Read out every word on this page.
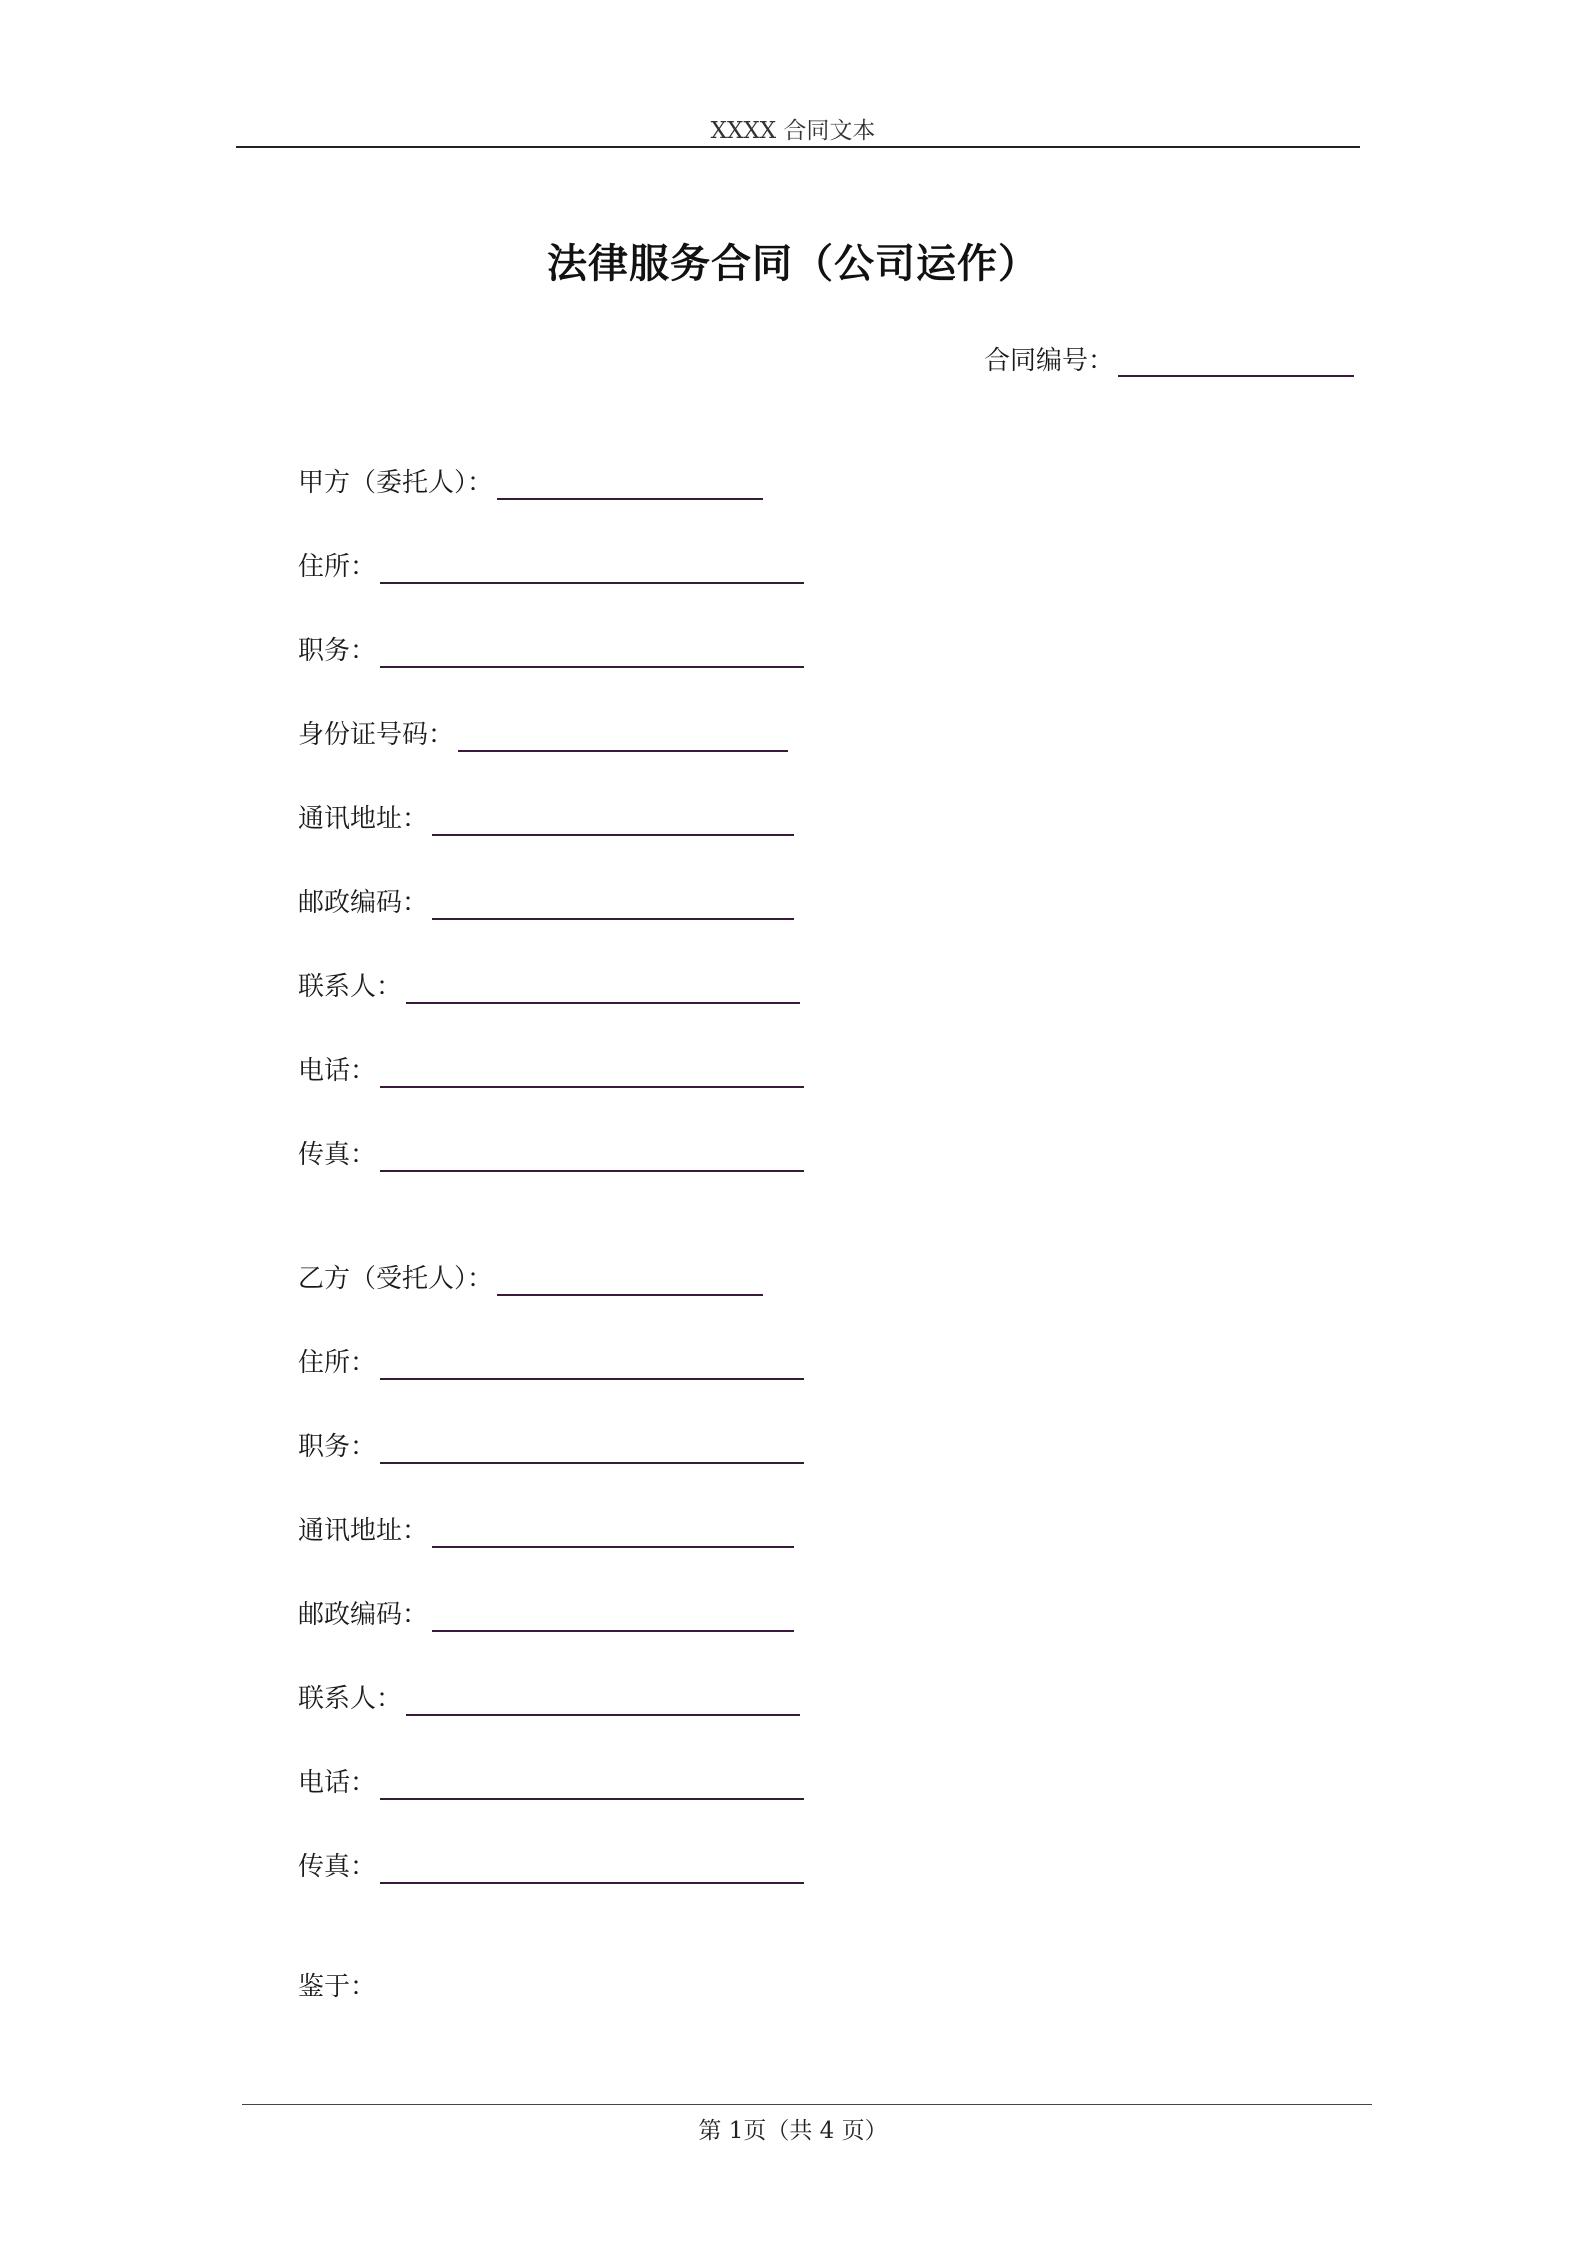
XXXX 合同文本
法律服务合同（公司运作）
合同编号：
甲方（委托人）：
住所：
职务：
身份证号码：
通讯地址：
邮政编码：
联系人：
电话：
传真：
乙方（受托人）：
住所：
职务：
通讯地址：
邮政编码：
联系人：
电话：
传真：
鉴于：
第 1页（共 4 页）
